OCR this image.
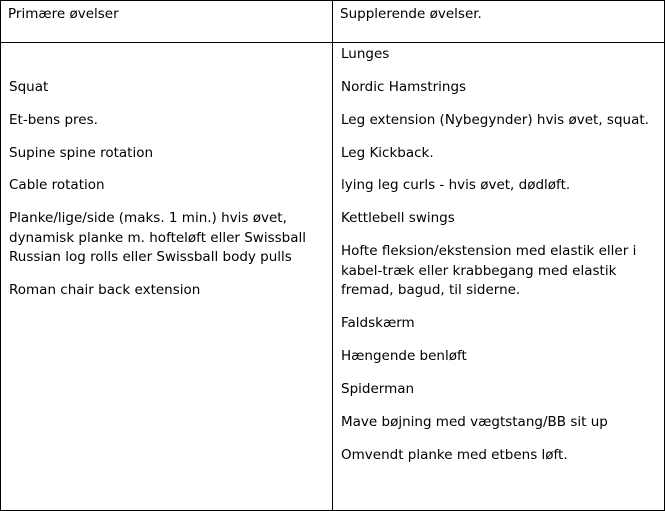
Primære øvelser	Supplerende øvelser.
Squat
Et-bens pres.
Supine spine rotation
Cable rotation
Planke/lige/side (maks. 1 min.) hvis øvet,
dynamisk planke m. hofteløft eller Swissball
Russian log rolls eller Swissball body pulls
Roman chair back extension
Lunges
Nordic Hamstrings
Leg extension (Nybegynder) hvis øvet, squat.
Leg Kickback.
lying leg curls - hvis øvet, dødløft.
Kettlebell swings
Hofte fleksion/ekstension med elastik eller i
kabel-træk eller krabbegang med elastik
fremad, bagud, til siderne.
Faldskærm
Hængende benløft
Spiderman
Mave bøjning med vægtstang/BB sit up
Omvendt planke med etbens løft.
